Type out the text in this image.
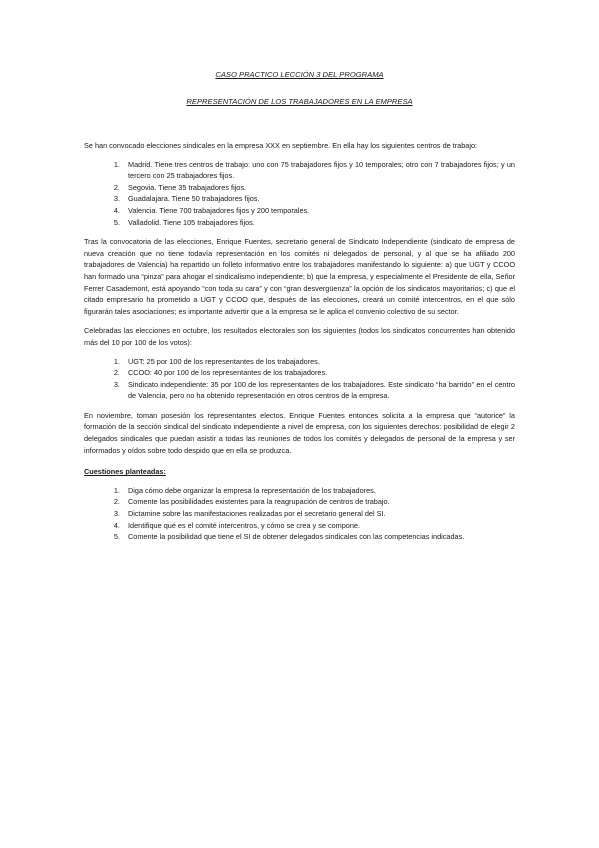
CASO PRACTICO LECCIÓN 3 DEL PROGRAMA

REPRESENTACIÓN DE LOS TRABAJADORES EN LA EMPRESA

Se han convocado elecciones sindicales en la empresa XXX en septiembre. En ella hay los siguientes centros de trabajo:

1. Madrid. Tiene tres centros de trabajo: uno con 75 trabajadores fijos y 10 temporales; otro con 7 trabajadores fijos; y un tercero con 25 trabajadores fijos.
2. Segovia. Tiene 35 trabajadores fijos.
3. Guadalajara. Tiene 50 trabajadores fijos.
4. Valencia. Tiene 700 trabajadores fijos y 200 temporales.
5. Valladolid. Tiene 105 trabajadores fijos.

Tras la convocatoria de las elecciones, Enrique Fuentes, secretario general de Sindicato Independiente (sindicato de empresa de nueva creación que no tiene todavía representación en los comités ni delegados de personal, y al que se ha afiliado 200 trabajadores de Valencia) ha repartido un folleto informativo entre los trabajadores manifestando lo siguiente: a) que UGT y CCOO han formado una “pinza” para ahogar el sindicalismo independiente; b) que la empresa, y especialmente el Presidente de ella, Señor Ferrer Casademont, está apoyando “con toda su cara” y con “gran desvergüenza” la opción de los sindicatos mayoritarios; c) que el citado empresario ha prometido a UGT y CCOO que, después de las elecciones, creará un comité intercentros, en el que sólo figurarán tales asociaciones; es importante advertir que a la empresa se le aplica el convenio colectivo de su sector.

Celebradas las elecciones en octubre, los resultados electorales son los siguientes (todos los sindicatos concurrentes han obtenido más del 10 por 100 de los votos):

1. UGT: 25 por 100 de los representantes de los trabajadores.
2. CCOO: 40 por 100 de los representantes de los trabajadores.
3. Sindicato independiente: 35 por 100 de los representantes de los trabajadores. Este sindicato “ha barrido” en el centro de Valencia, pero no ha obtenido representación en otros centros de la empresa.

En noviembre, toman posesión los representantes electos. Enrique Fuentes entonces solicita a la empresa que “autorice” la formación de la sección sindical del sindicato independiente a nivel de empresa, con los siguientes derechos: posibilidad de elegir 2 delegados sindicales que puedan asistir a todas las reuniones de todos los comités y delegados de personal de la empresa y ser informados y oídos sobre todo despido que en ella se produzca.

Cuestiones planteadas:
1. Diga cómo debe organizar la empresa la representación de los trabajadores.
2. Comente las posibilidades existentes para la reagrupación de centros de trabajo.
3. Dictamine sobre las manifestaciones realizadas por el secretario general del SI.
4. Identifique qué es el comité intercentros, y cómo se crea y se compone.
5. Comente la posibilidad que tiene el SI de obtener delegados sindicales con las competencias indicadas.
